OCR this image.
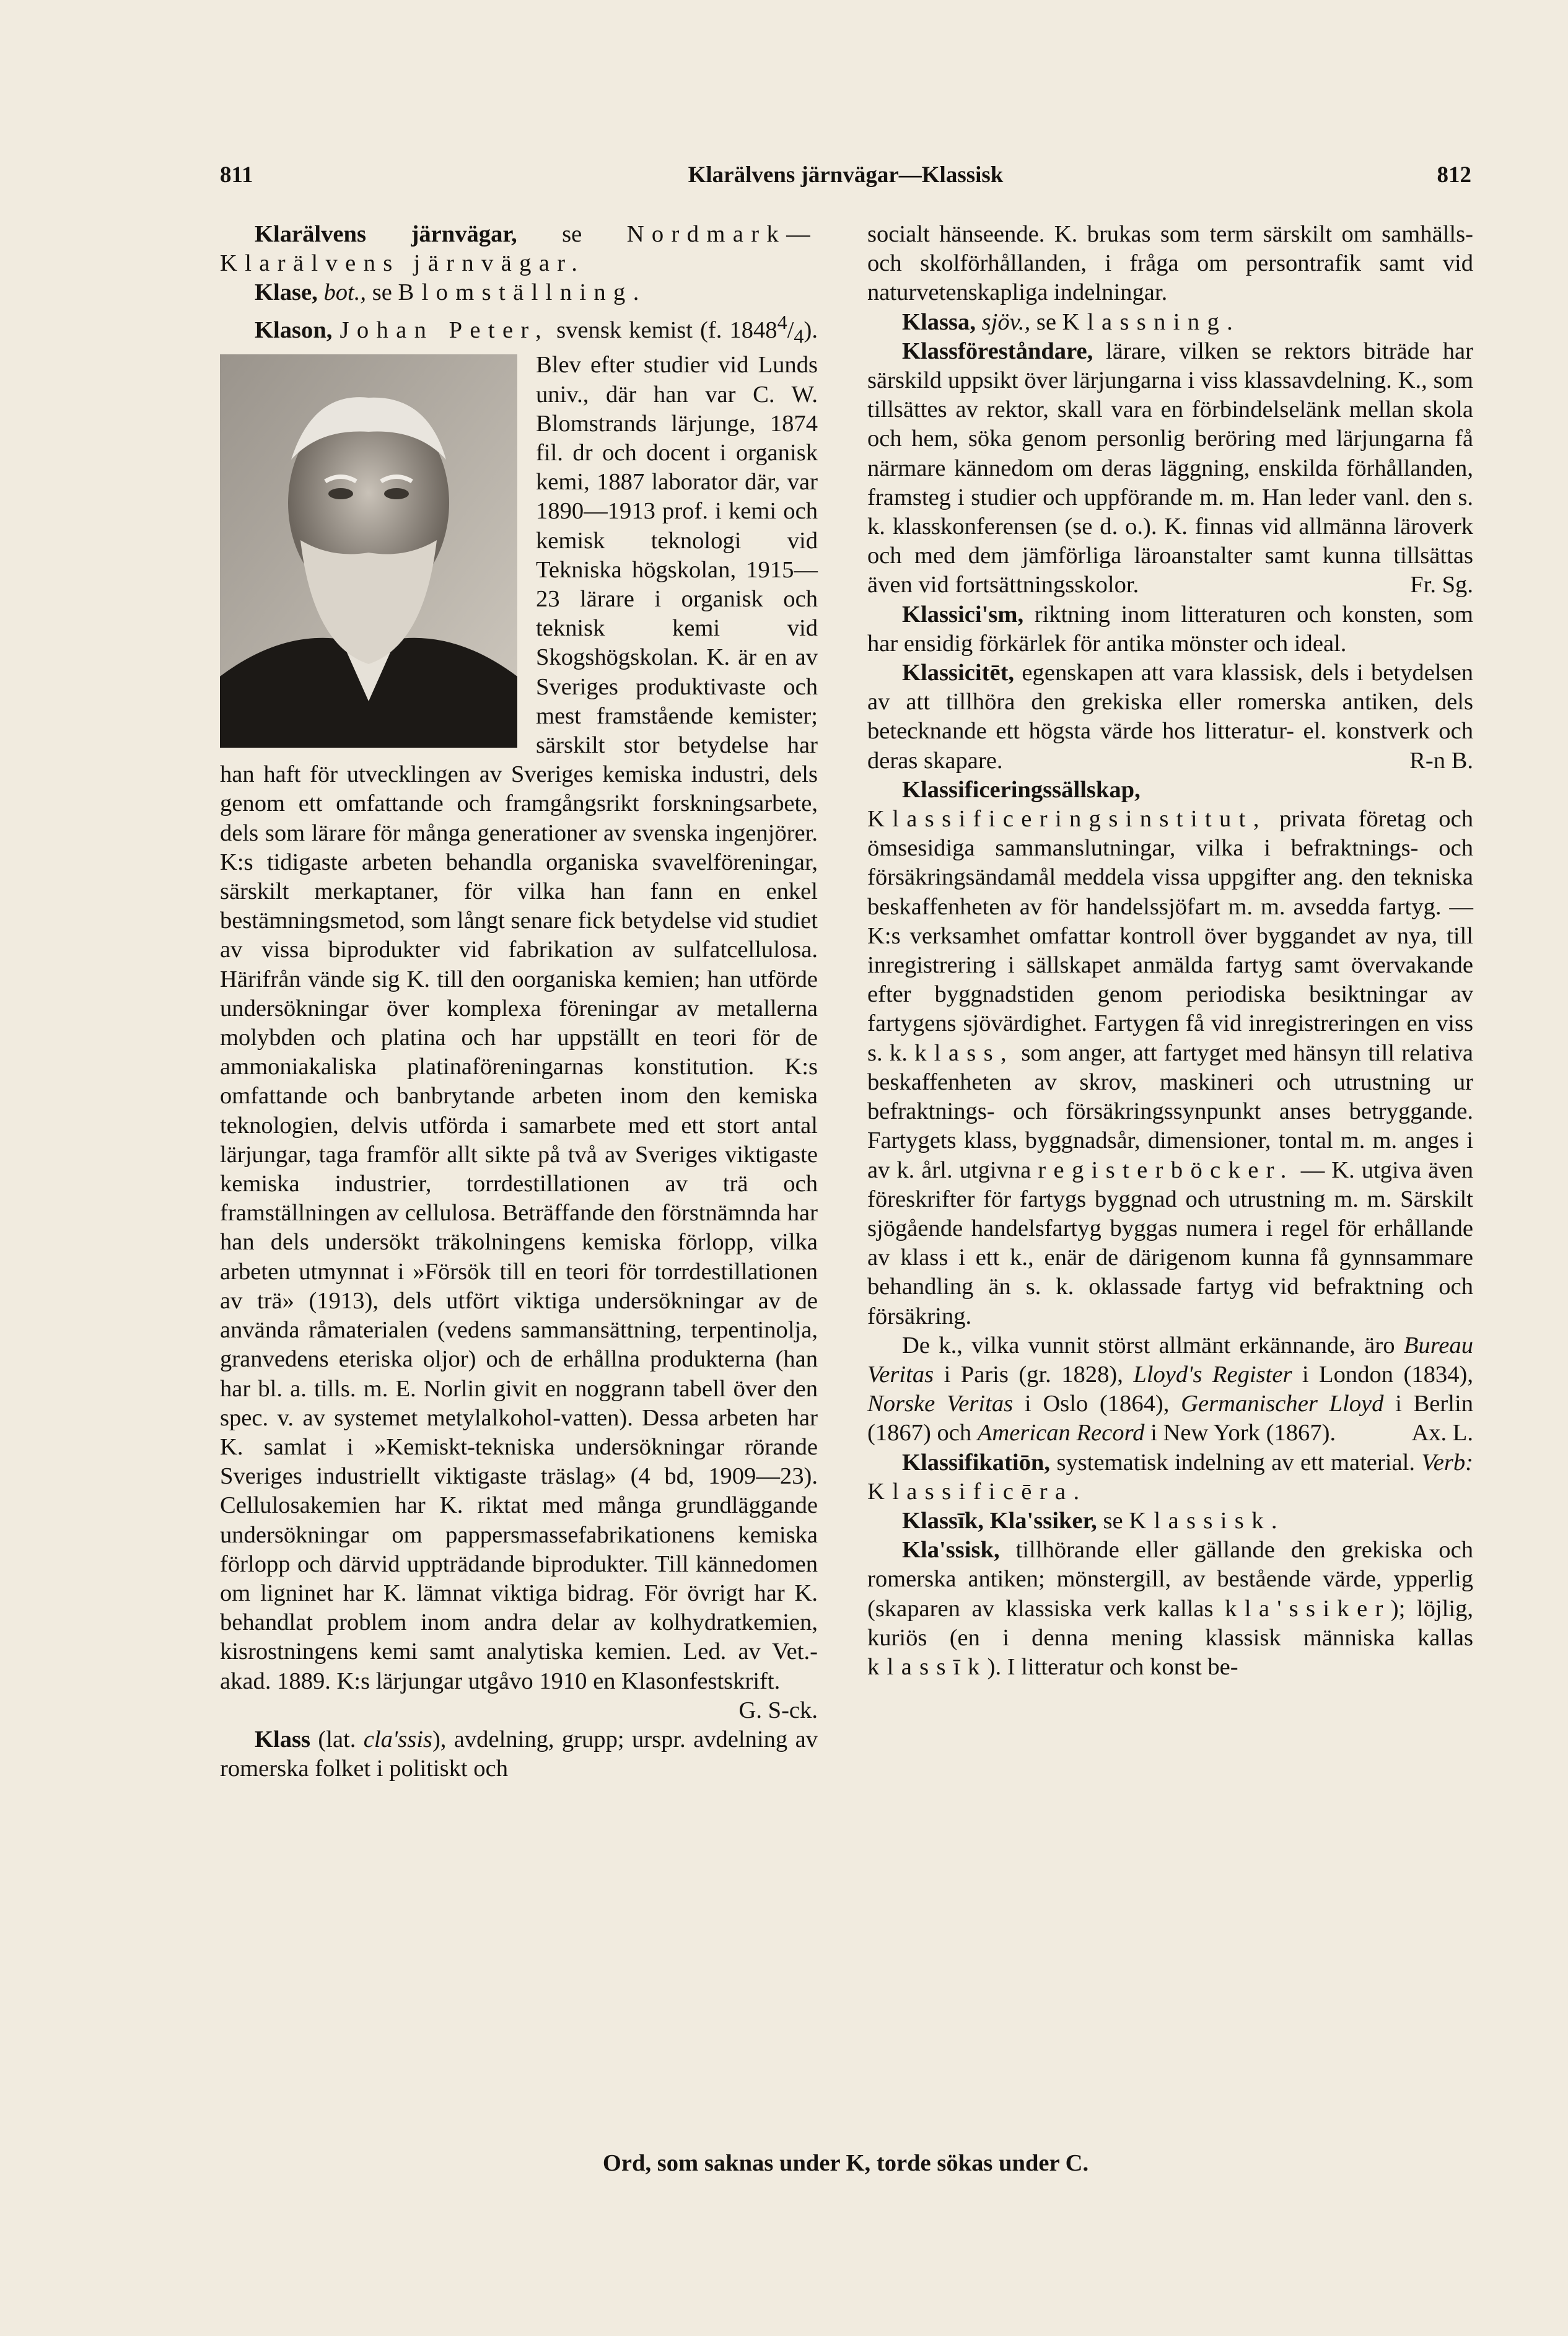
811	Klarälvens järnvägar—Klassisk	812

Klarälvens järnvägar, se Nordmark—Klarälvens järnvägar.

Klase, bot., se Blomställning.

Klason, Johan Peter, svensk kemist (f. $1848^4/_4$
). Blev efter studier vid Lunds univ., där han var C. W. Blomstrands lärjunge, 1874 fil. dr och docent i organisk kemi, 1887 laborator där, var 1890—1913 prof. i kemi och kemisk teknologi vid Tekniska högskolan, 1915—23 lärare i organisk och teknisk kemi vid Skogshögskolan. K. är en av Sveriges produktivaste och mest framstående kemister; särskilt stor betydelse har han haft för utvecklingen av Sveriges kemiska industri, dels genom ett omfattande och framgångsrikt forskningsarbete, dels som lärare för många generationer av svenska ingenjörer. K:s tidigaste arbeten behandla organiska svavelföreningar, särskilt merkaptaner, för vilka han fann en enkel bestämningsmetod, som långt senare fick betydelse vid studiet av vissa biprodukter vid fabrikation av sulfatcellulosa. Härifrån vände sig K. till den oorganiska kemien; han utförde undersökningar över komplexa föreningar av metallerna molybden och platina och har uppställt en teori för de ammoniakaliska platinaföreningarnas konstitution. K:s omfattande och banbrytande arbeten inom den kemiska teknologien, delvis utförda i samarbete med ett stort antal lärjungar, taga framför allt sikte på två av Sveriges viktigaste kemiska industrier, torrdestillationen av trä och framställningen av cellulosa. Beträffande den förstnämnda har han dels undersökt träkolningens kemiska förlopp, vilka arbeten utmynnat i »Försök till en teori för torrdestillationen av trä» (1913), dels utfört viktiga undersökningar av de använda råmaterialen (vedens sammansättning, terpentinolja, granvedens eteriska oljor) och de erhållna produkterna (han har bl. a. tills. m. E. Norlin givit en noggrann tabell över den spec. v. av systemet metylalkohol-vatten). Dessa arbeten har K. samlat i »Kemiskt-tekniska undersökningar rörande Sveriges industriellt viktigaste träslag» (4 bd, 1909—23). Cellulosakemien har K. riktat med många grundläggande undersökningar om pappersmassefabrikationens kemiska förlopp och därvid uppträdande biprodukter. Till kännedomen om ligninet har K. lämnat viktiga bidrag. För övrigt har K. behandlat problem inom andra delar av kolhydratkemien, kisrostningens kemi samt analytiska kemien. Led. av Vet.-akad. 1889. K:s lärjungar utgåvo 1910 en Klasonfestskrift.

G. S-ck.

Klass (lat. cla'ssis), avdelning, grupp; urspr. avdelning av romerska folket i politiskt och

socialt hänseende. K. brukas som term särskilt om samhälls- och skolförhållanden, i fråga om persontrafik samt vid naturvetenskapliga indelningar.

Klassa, sjöv., se Klassning.

Klassföreståndare, lärare, vilken se rektors biträde har särskild uppsikt över lärjungarna i viss klassavdelning. K., som tillsättes av rektor, skall vara en förbindelselänk mellan skola och hem, söka genom personlig beröring med lärjungarna få närmare kännedom om deras läggning, enskilda förhållanden, framsteg i studier och uppförande m. m. Han leder vanl. den s. k. klasskonferensen (se d. o.). K. finnas vid allmänna läroverk och med dem jämförliga läroanstalter samt kunna tillsättas även vid fortsättningsskolor.	Fr. Sg.

Klassici'sm, riktning inom litteraturen och konsten, som har ensidig förkärlek för antika mönster och ideal.

Klassicitēt, egenskapen att vara klassisk, dels i betydelsen av att tillhöra den grekiska eller romerska antiken, dels betecknande ett högsta värde hos litteratur- el. konstverk och deras skapare.	R-n B.

Klassificeringssällskap, Klassificeringsinstitut, privata företag och ömsesidiga sammanslutningar, vilka i befraktnings- och försäkringsändamål meddela vissa uppgifter ang. den tekniska beskaffenheten av för handelssjöfart m. m. avsedda fartyg. — K:s verksamhet omfattar kontroll över byggandet av nya, till inregistrering i sällskapet anmälda fartyg samt övervakande efter byggnadstiden genom periodiska besiktningar av fartygens sjövärdighet. Fartygen få vid inregistreringen en viss s. k. klass, som anger, att fartyget med hänsyn till relativa beskaffenheten av skrov, maskineri och utrustning ur befraktnings- och försäkringssynpunkt anses betryggande. Fartygets klass, byggnadsår, dimensioner, tontal m. m. anges i av k. årl. utgivna registerböcker. — K. utgiva även föreskrifter för fartygs byggnad och utrustning m. m. Särskilt sjögående handelsfartyg byggas numera i regel för erhållande av klass i ett k., enär de därigenom kunna få gynnsammare behandling än s. k. oklassade fartyg vid befraktning och försäkring.

De k., vilka vunnit störst allmänt erkännande, äro Bureau Veritas i Paris (gr. 1828), Lloyd's Register i London (1834), Norske Veritas i Oslo (1864), Germanischer Lloyd i Berlin (1867) och American Record i New York (1867).	Ax. L.

Klassifikatiōn, systematisk indelning av ett material. Verb: Klassificēra.

Klassīk, Kla'ssiker, se Klassisk.

Kla'ssisk, tillhörande eller gällande den grekiska och romerska antiken; mönstergill, av bestående värde, ypperlig (skaparen av klassiska verk kallas kla'ssiker); löjlig, kuriös (en i denna mening klassisk människa kallas klassīk). I litteratur och konst be-

Ord, som saknas under K, torde sökas under C.
